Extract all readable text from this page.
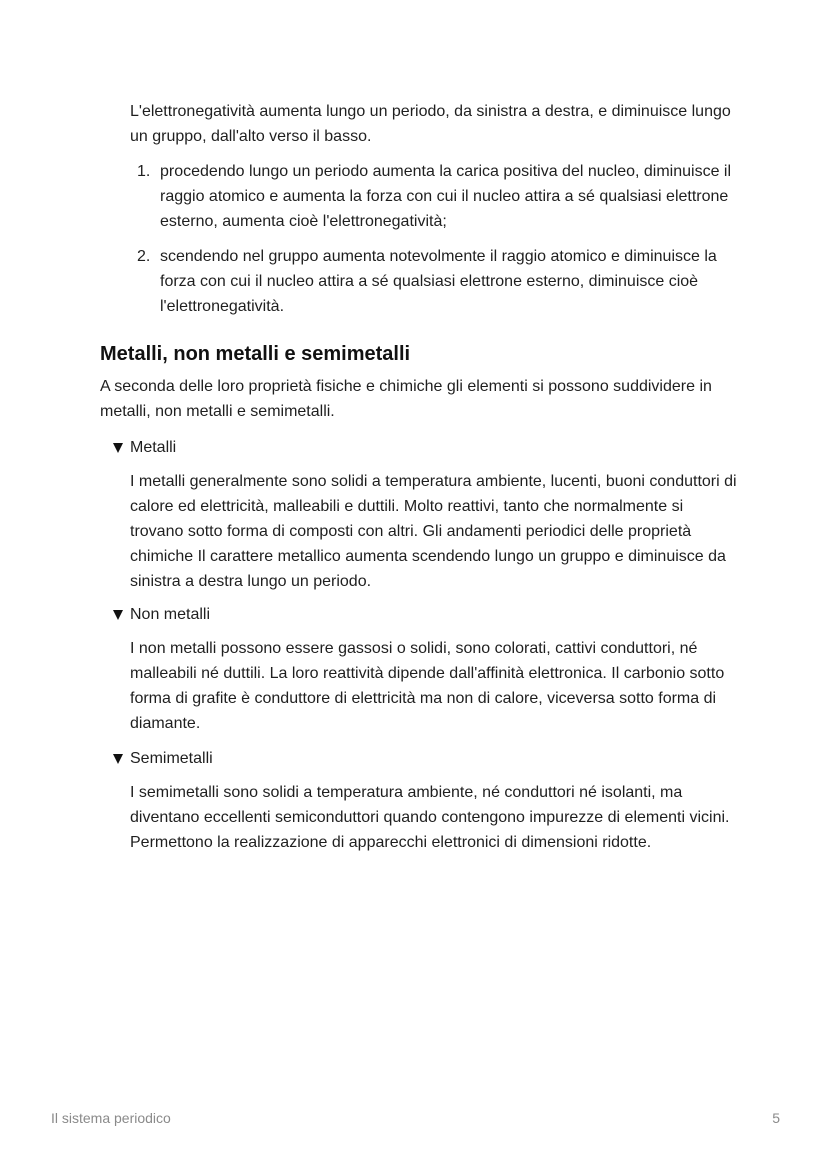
L'elettronegatività aumenta lungo un periodo, da sinistra a destra, e diminuisce lungo un gruppo, dall'alto verso il basso.

1. procedendo lungo un periodo aumenta la carica positiva del nucleo, diminuisce il raggio atomico e aumenta la forza con cui il nucleo attira a sé qualsiasi elettrone esterno, aumenta cioè l'elettronegatività;
2. scendendo nel gruppo aumenta notevolmente il raggio atomico e diminuisce la forza con cui il nucleo attira a sé qualsiasi elettrone esterno, diminuisce cioè l'elettronegatività.
Metalli, non metalli e semimetalli

A seconda delle loro proprietà fisiche e chimiche gli elementi si possono suddividere in metalli, non metalli e semimetalli.

Metalli
I metalli generalmente sono solidi a temperatura ambiente, lucenti, buoni conduttori di calore ed elettricità, malleabili e duttili. Molto reattivi, tanto che normalmente si trovano sotto forma di composti con altri. Gli andamenti periodici delle proprietà chimiche Il carattere metallico aumenta scendendo lungo un gruppo e diminuisce da sinistra a destra lungo un periodo.
Non metalli
I non metalli possono essere gassosi o solidi, sono colorati, cattivi conduttori, né malleabili né duttili. La loro reattività dipende dall'affinità elettronica. Il carbonio sotto forma di grafite è conduttore di elettricità ma non di calore, viceversa sotto forma di diamante.
Semimetalli
I semimetalli sono solidi a temperatura ambiente, né conduttori né isolanti, ma diventano eccellenti semiconduttori quando contengono impurezze di elementi vicini. Permettono la realizzazione di apparecchi elettronici di dimensioni ridotte.
Il sistema periodico	5
